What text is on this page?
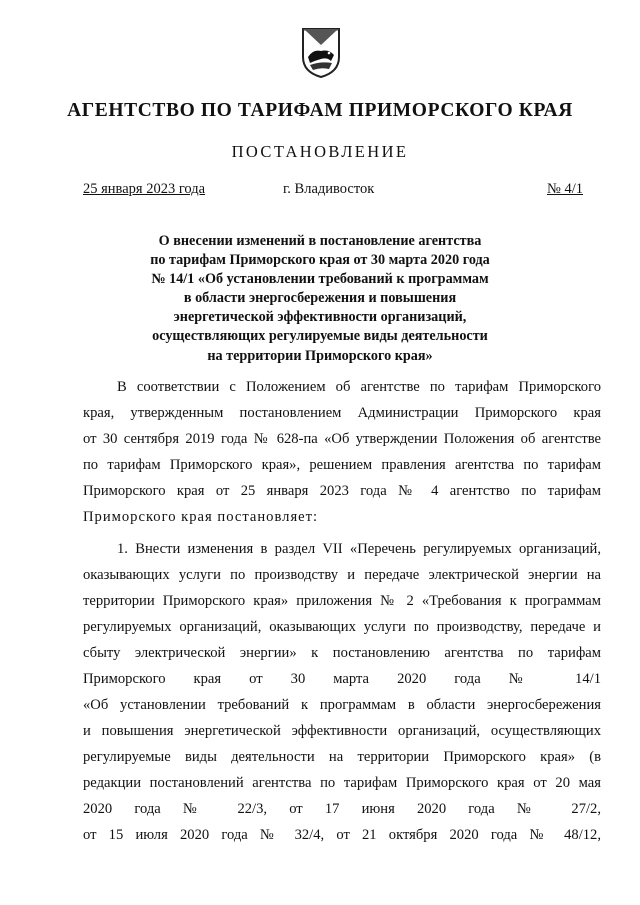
АГЕНТСТВО ПО ТАРИФАМ ПРИМОРСКОГО КРАЯ
ПОСТАНОВЛЕНИЕ
25 января 2023 года	г. Владивосток	№ 4/1
О внесении изменений в постановление агентства
по тарифам Приморского края от 30 марта 2020 года
№ 14/1 «Об установлении требований к программам
в области энергосбережения и повышения
энергетической эффективности организаций,
осуществляющих регулируемые виды деятельности
на территории Приморского края»
В соответствии с Положением об агентстве по тарифам Приморского
края, утвержденным постановлением Администрации Приморского края
от 30 сентября 2019 года № 628-па «Об утверждении Положения об агентстве
по тарифам Приморского края», решением правления агентства по тарифам
Приморского края от 25 января 2023 года № 4 агентство по тарифам
Приморского края постановляет:
1. Внести изменения в раздел VII «Перечень регулируемых организаций,
оказывающих услуги по производству и передаче электрической энергии на
территории Приморского края» приложения № 2 «Требования к программам
регулируемых организаций, оказывающих услуги по производству, передаче и
сбыту электрической энергии» к постановлению агентства по тарифам
Приморского края от 30 марта 2020 года № 14/1
«Об установлении требований к программам в области энергосбережения
и повышения энергетической эффективности организаций, осуществляющих
регулируемые виды деятельности на территории Приморского края» (в
редакции постановлений агентства по тарифам Приморского края от 20 мая
2020 года № 22/3, от 17 июня 2020 года № 27/2,
от 15 июля 2020 года № 32/4, от 21 октября 2020 года № 48/12,
